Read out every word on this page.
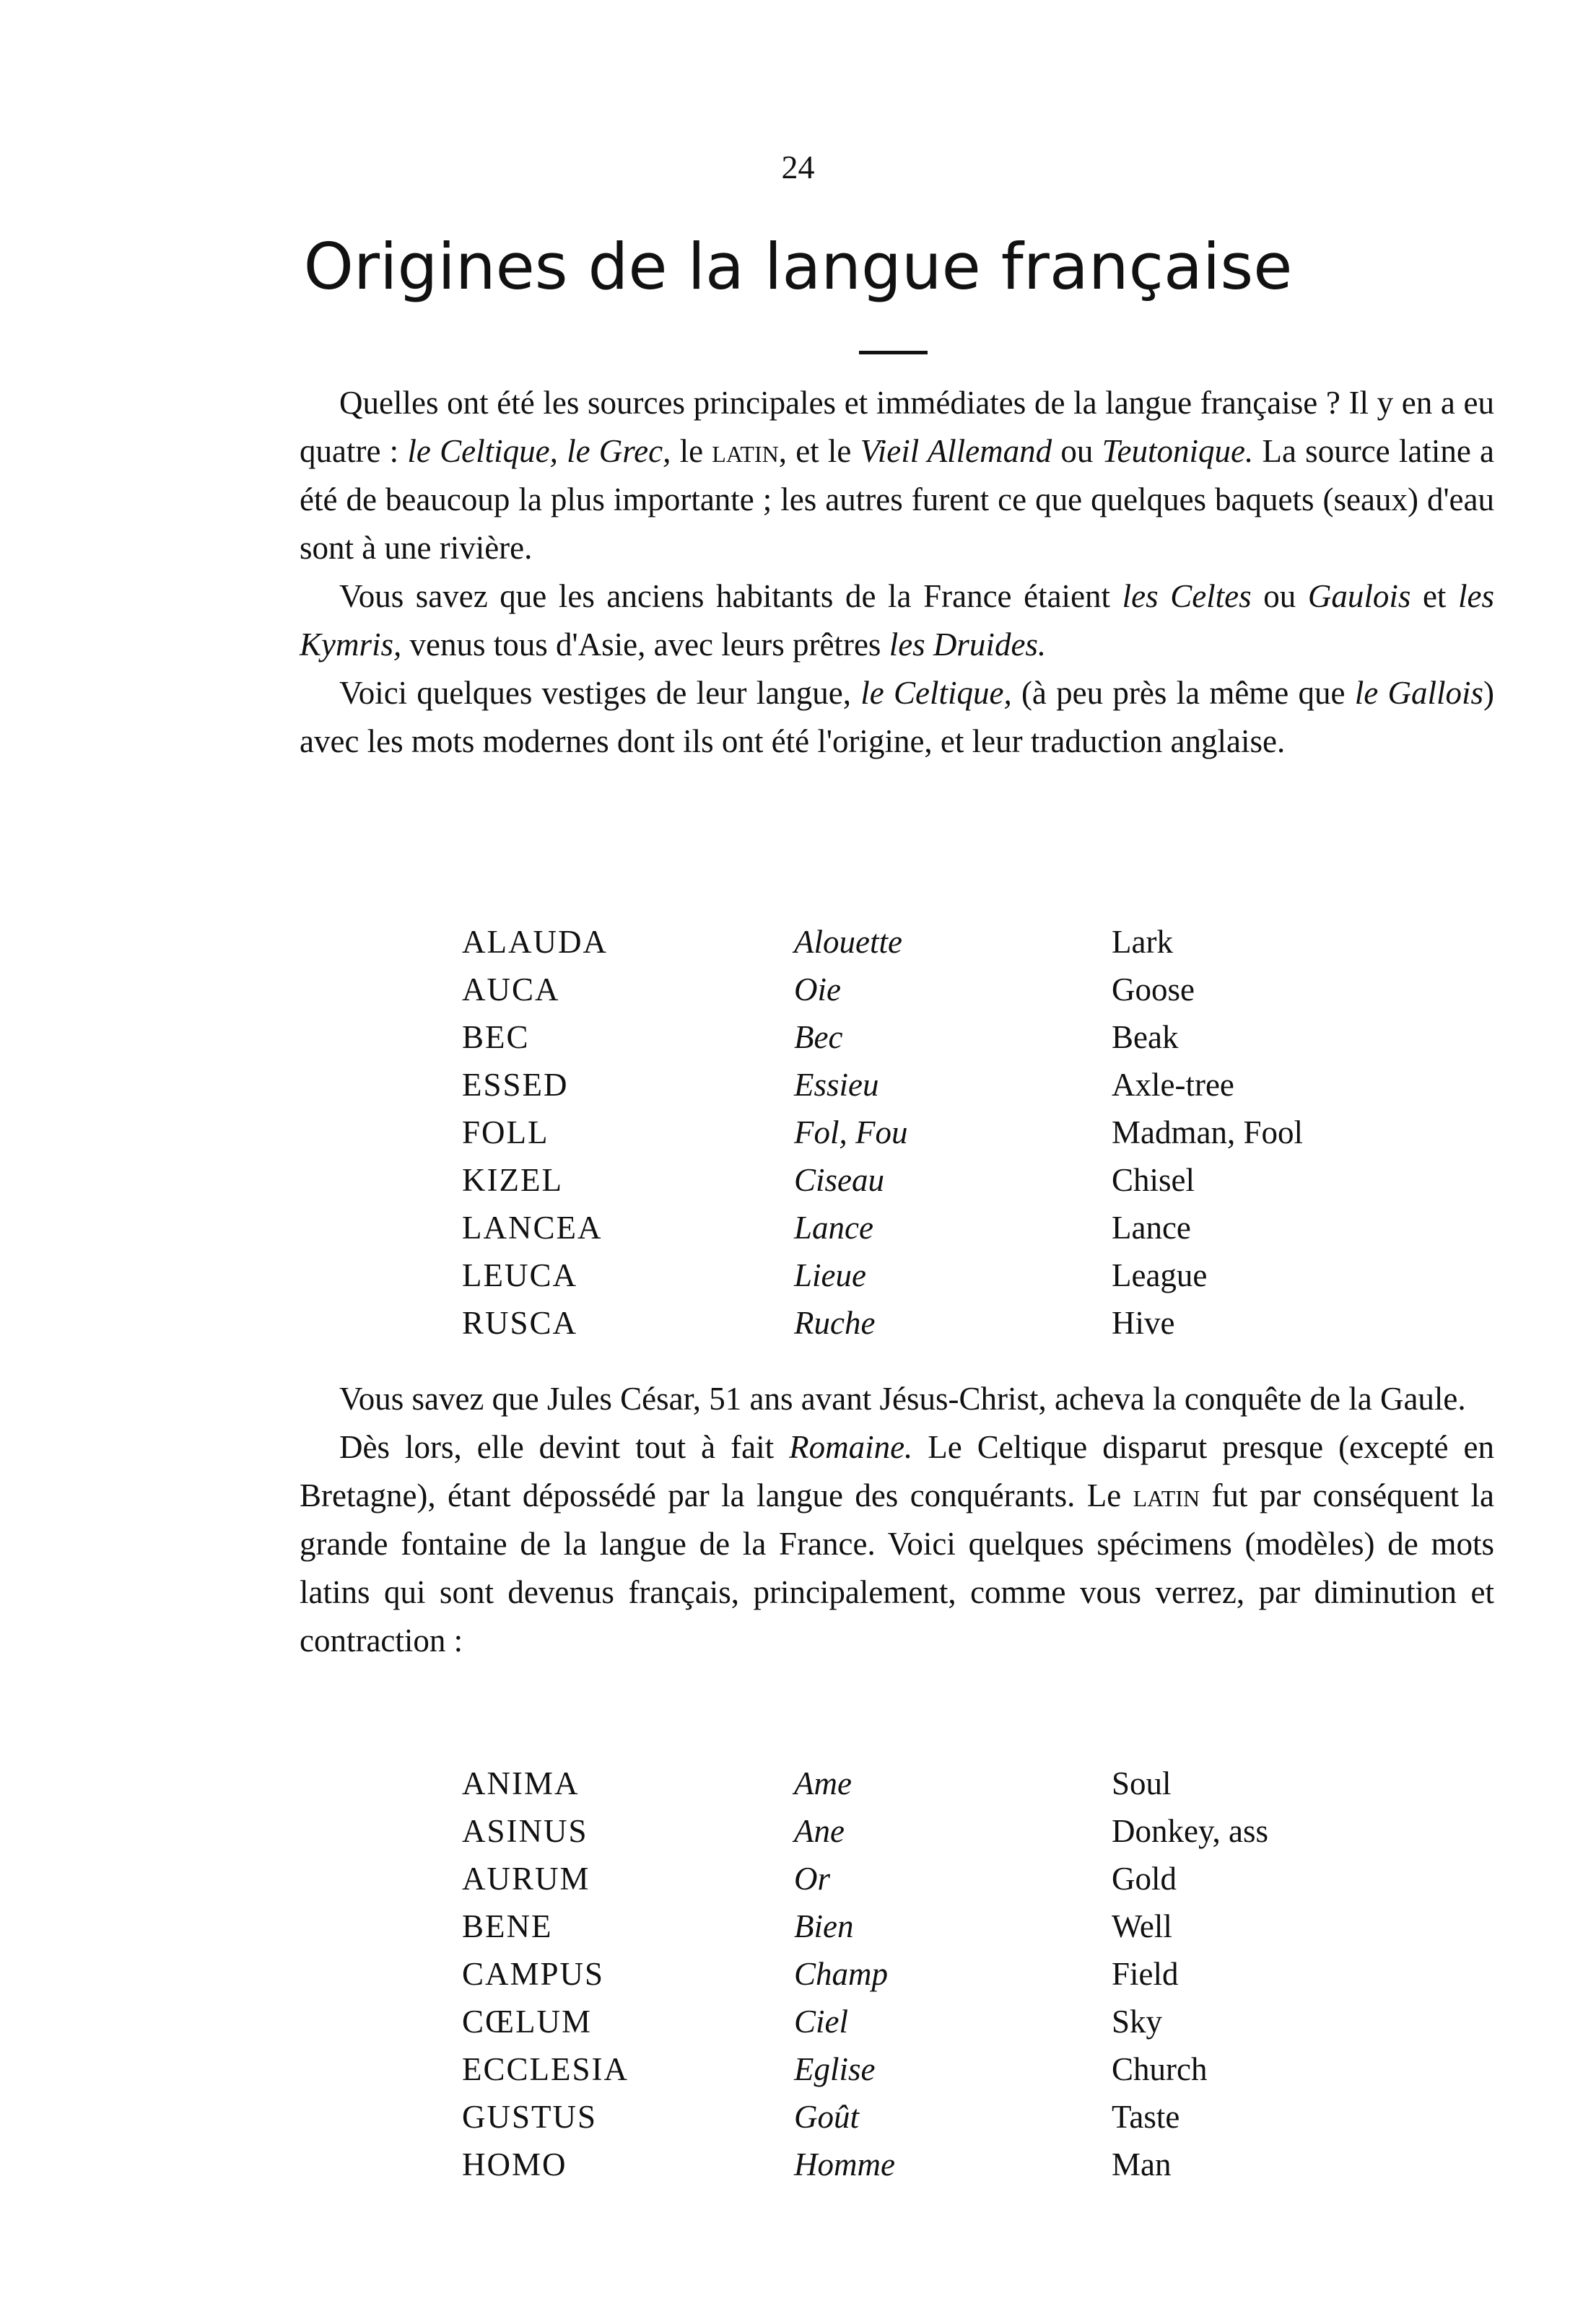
24
Origines de la langue française

Quelles ont été les sources principales et immédiates de la langue française ? Il y en a eu quatre : le Celtique, le Grec, le latin, et le Vieil Allemand ou Teutonique. La source latine a été de beaucoup la plus importante ; les autres furent ce que quelques baquets (seaux) d'eau sont à une rivière.

Vous savez que les anciens habitants de la France étaient les Celtes ou Gaulois et les Kymris, venus tous d'Asie, avec leurs prêtres les Druides.

Voici quelques vestiges de leur langue, le Celtique, (à peu près la même que le Gallois) avec les mots modernes dont ils ont été l'origine, et leur traduction anglaise.

ALAUDA	Alouette	Lark
AUCA	Oie	Goose
BEC	Bec	Beak
ESSED	Essieu	Axle-tree
FOLL	Fol, Fou	Madman, Fool
KIZEL	Ciseau	Chisel
LANCEA	Lance	Lance
LEUCA	Lieue	League
RUSCA	Ruche	Hive

Vous savez que Jules César, 51 ans avant Jésus-Christ, acheva la conquête de la Gaule.

Dès lors, elle devint tout à fait Romaine. Le Celtique disparut presque (excepté en Bretagne), étant dépossédé par la langue des conquérants. Le latin fut par conséquent la grande fontaine de la langue de la France. Voici quelques spécimens (modèles) de mots latins qui sont devenus français, principalement, comme vous verrez, par diminution et contraction :

ANIMA	Ame	Soul
ASINUS	Ane	Donkey, ass
AURUM	Or	Gold
BENE	Bien	Well
CAMPUS	Champ	Field
CŒLUM	Ciel	Sky
ECCLESIA	Eglise	Church
GUSTUS	Goût	Taste
HOMO	Homme	Man
